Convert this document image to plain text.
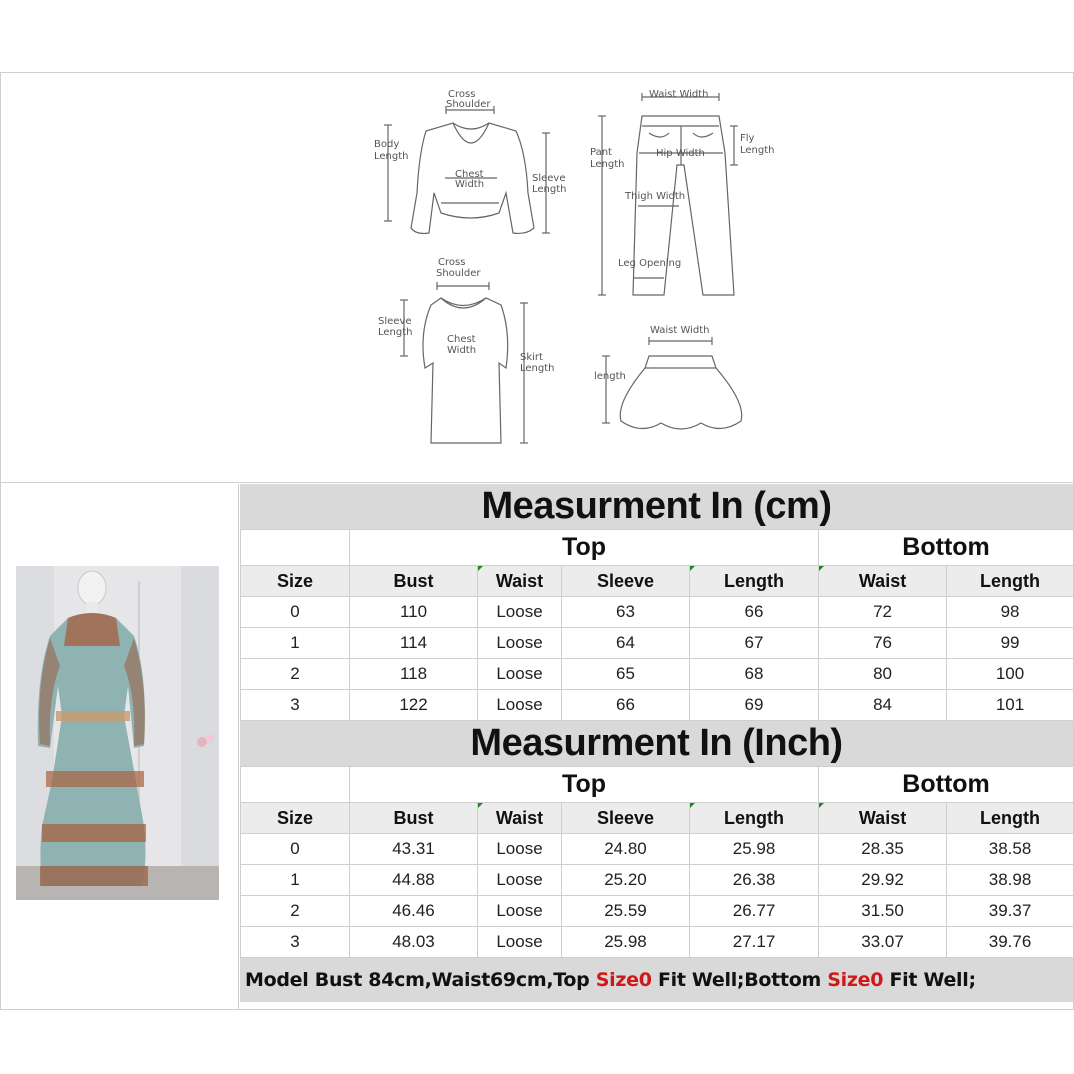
Cross
Shoulder
Body
Length
Chest
Width
Sleeve
Length
Waist Width
Pant
Length
Hip Width
Fly
Length
Thigh Width
Leg Opening
Cross
Shoulder
Sleeve
Length
Chest
Width
Skirt
Length
Waist Width
length
Measurment In (cm)
	Top				Bottom	
Size	Bust	Waist	Sleeve	Length	Waist	Length
0	110	Loose	63	66	72	98
1	114	Loose	64	67	76	99
2	118	Loose	65	68	80	100
3	122	Loose	66	69	84	101
Measurment In (Inch)
	Top				Bottom	
Size	Bust	Waist	Sleeve	Length	Waist	Length
0	43.31	Loose	24.80	25.98	28.35	38.58
1	44.88	Loose	25.20	26.38	29.92	38.98
2	46.46	Loose	25.59	26.77	31.50	39.37
3	48.03	Loose	25.98	27.17	33.07	39.76
Model Bust 84cm,Waist69cm,Top Size0 Fit Well;Bottom Size0 Fit Well;
